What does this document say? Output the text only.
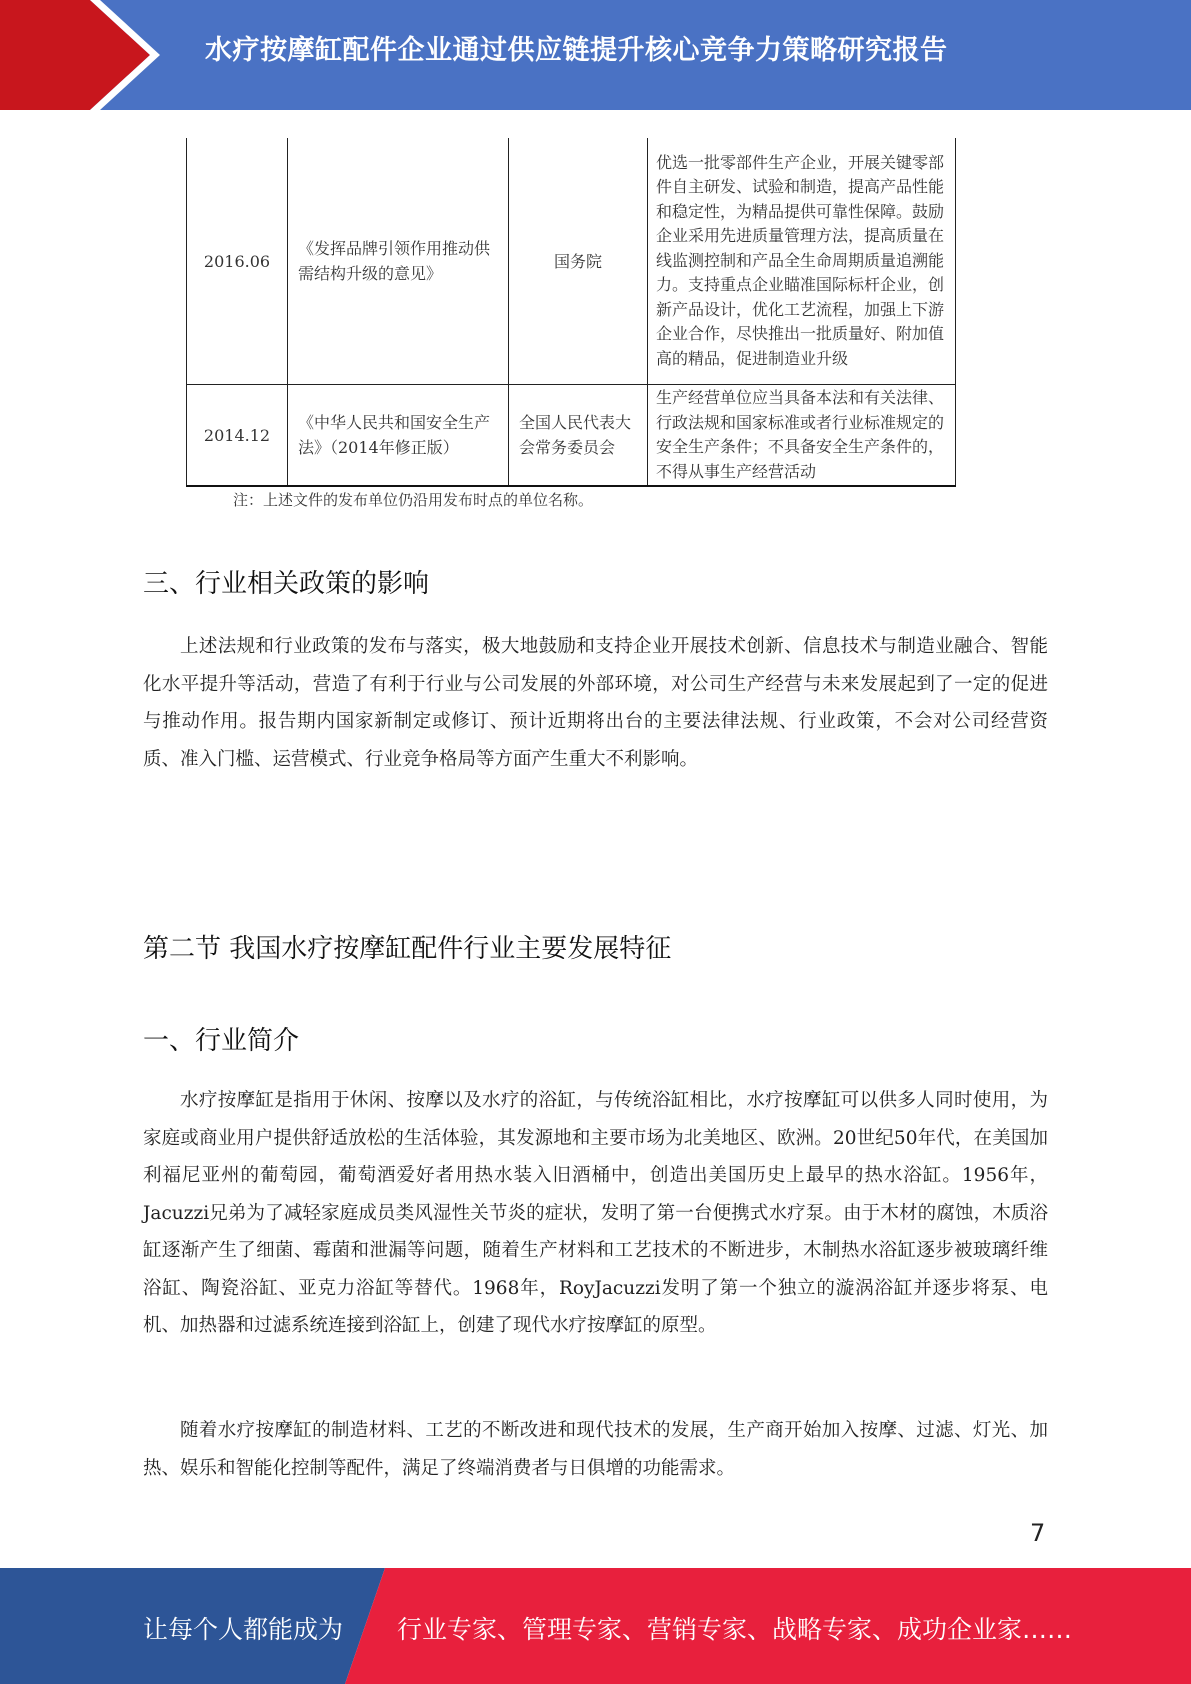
水疗按摩缸配件企业通过供应链提升核心竞争力策略研究报告
2016.06	《发挥品牌引领作用推动供需结构升级的意见》	国务院	优选一批零部件生产企业，开展关键零部件自主研发、试验和制造，提高产品性能和稳定性，为精品提供可靠性保障。鼓励企业采用先进质量管理方法，提高质量在线监测控制和产品全生命周期质量追溯能力。支持重点企业瞄准国际标杆企业，创新产品设计，优化工艺流程，加强上下游企业合作，尽快推出一批质量好、附加值高的精品，促进制造业升级
2014.12	《中华人民共和国安全生产法》（2014年修正版）	全国人民代表大会常务委员会	生产经营单位应当具备本法和有关法律、行政法规和国家标准或者行业标准规定的安全生产条件；不具备安全生产条件的，不得从事生产经营活动
注：上述文件的发布单位仍沿用发布时点的单位名称。
三、行业相关政策的影响

上述法规和行业政策的发布与落实，极大地鼓励和支持企业开展技术创新、信息技术与制造业融合、智能化水平提升等活动，营造了有利于行业与公司发展的外部环境，对公司生产经营与未来发展起到了一定的促进与推动作用。报告期内国家新制定或修订、预计近期将出台的主要法律法规、行业政策，不会对公司经营资质、准入门槛、运营模式、行业竞争格局等方面产生重大不利影响。

第二节 我国水疗按摩缸配件行业主要发展特征
一、行业简介

水疗按摩缸是指用于休闲、按摩以及水疗的浴缸，与传统浴缸相比，水疗按摩缸可以供多人同时使用，为家庭或商业用户提供舒适放松的生活体验，其发源地和主要市场为北美地区、欧洲。20世纪50年代，在美国加利福尼亚州的葡萄园，葡萄酒爱好者用热水装入旧酒桶中，创造出美国历史上最早的热水浴缸。1956年，Jacuzzi兄弟为了减轻家庭成员类风湿性关节炎的症状，发明了第一台便携式水疗泵。由于木材的腐蚀，木质浴缸逐渐产生了细菌、霉菌和泄漏等问题，随着生产材料和工艺技术的不断进步，木制热水浴缸逐步被玻璃纤维浴缸、陶瓷浴缸、亚克力浴缸等替代。1968年，RoyJacuzzi发明了第一个独立的漩涡浴缸并逐步将泵、电机、加热器和过滤系统连接到浴缸上，创建了现代水疗按摩缸的原型。

随着水疗按摩缸的制造材料、工艺的不断改进和现代技术的发展，生产商开始加入按摩、过滤、灯光、加热、娱乐和智能化控制等配件，满足了终端消费者与日俱增的功能需求。

7
让每个人都能成为 行业专家、管理专家、营销专家、战略专家、成功企业家……
